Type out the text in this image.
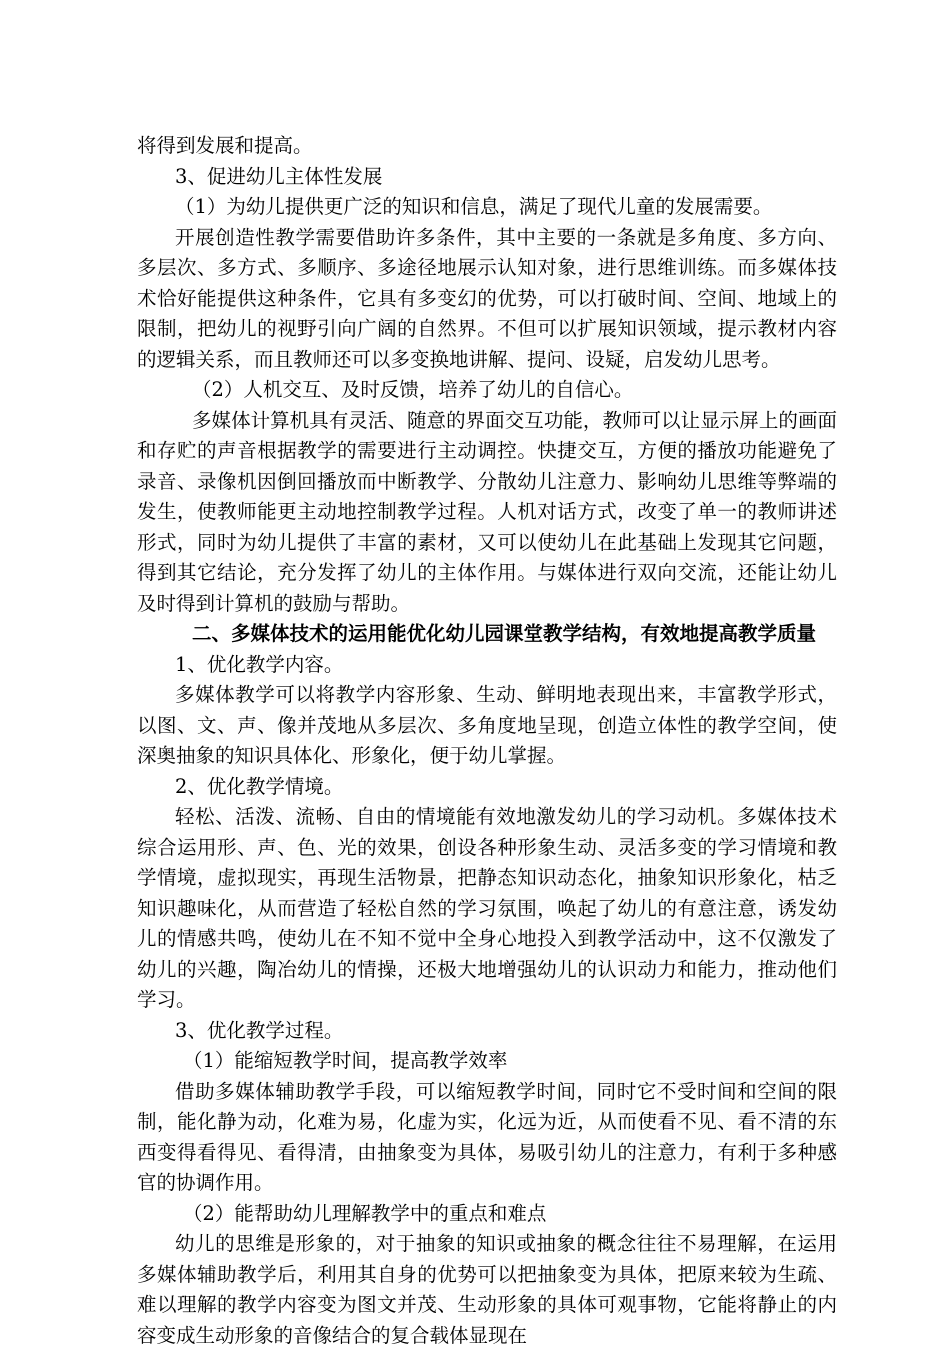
将得到发展和提高。

3、促进幼儿主体性发展

（1）为幼儿提供更广泛的知识和信息，满足了现代儿童的发展需要。

开展创造性教学需要借助许多条件，其中主要的一条就是多角度、多方向、多层次、多方式、多顺序、多途径地展示认知对象，进行思维训练。而多媒体技术恰好能提供这种条件，它具有多变幻的优势，可以打破时间、空间、地域上的限制，把幼儿的视野引向广阔的自然界。不但可以扩展知识领域，提示教材内容的逻辑关系，而且教师还可以多变换地讲解、提问、设疑，启发幼儿思考。

（2）人机交互、及时反馈，培养了幼儿的自信心。

多媒体计算机具有灵活、随意的界面交互功能，教师可以让显示屏上的画面和存贮的声音根据教学的需要进行主动调控。快捷交互，方便的播放功能避免了录音、录像机因倒回播放而中断教学、分散幼儿注意力、影响幼儿思维等弊端的发生，使教师能更主动地控制教学过程。人机对话方式，改变了单一的教师讲述形式，同时为幼儿提供了丰富的素材，又可以使幼儿在此基础上发现其它问题，得到其它结论，充分发挥了幼儿的主体作用。与媒体进行双向交流，还能让幼儿及时得到计算机的鼓励与帮助。

二、多媒体技术的运用能优化幼儿园课堂教学结构，有效地提高教学质量

1、优化教学内容。

多媒体教学可以将教学内容形象、生动、鲜明地表现出来，丰富教学形式，以图、文、声、像并茂地从多层次、多角度地呈现，创造立体性的教学空间，使深奥抽象的知识具体化、形象化，便于幼儿掌握。

2、优化教学情境。

轻松、活泼、流畅、自由的情境能有效地激发幼儿的学习动机。多媒体技术综合运用形、声、色、光的效果，创设各种形象生动、灵活多变的学习情境和教学情境，虚拟现实，再现生活物景，把静态知识动态化，抽象知识形象化，枯乏知识趣味化，从而营造了轻松自然的学习氛围，唤起了幼儿的有意注意，诱发幼儿的情感共鸣，使幼儿在不知不觉中全身心地投入到教学活动中，这不仅激发了幼儿的兴趣，陶冶幼儿的情操，还极大地增强幼儿的认识动力和能力，推动他们学习。

3、优化教学过程。

（1）能缩短教学时间，提高教学效率

借助多媒体辅助教学手段，可以缩短教学时间，同时它不受时间和空间的限制，能化静为动，化难为易，化虚为实，化远为近，从而使看不见、看不清的东西变得看得见、看得清，由抽象变为具体，易吸引幼儿的注意力，有利于多种感官的协调作用。

（2）能帮助幼儿理解教学中的重点和难点

幼儿的思维是形象的，对于抽象的知识或抽象的概念往往不易理解，在运用多媒体辅助教学后，利用其自身的优势可以把抽象变为具体，把原来较为生疏、难以理解的教学内容变为图文并茂、生动形象的具体可观事物，它能将静止的内容变成生动形象的音像结合的复合载体显现在
